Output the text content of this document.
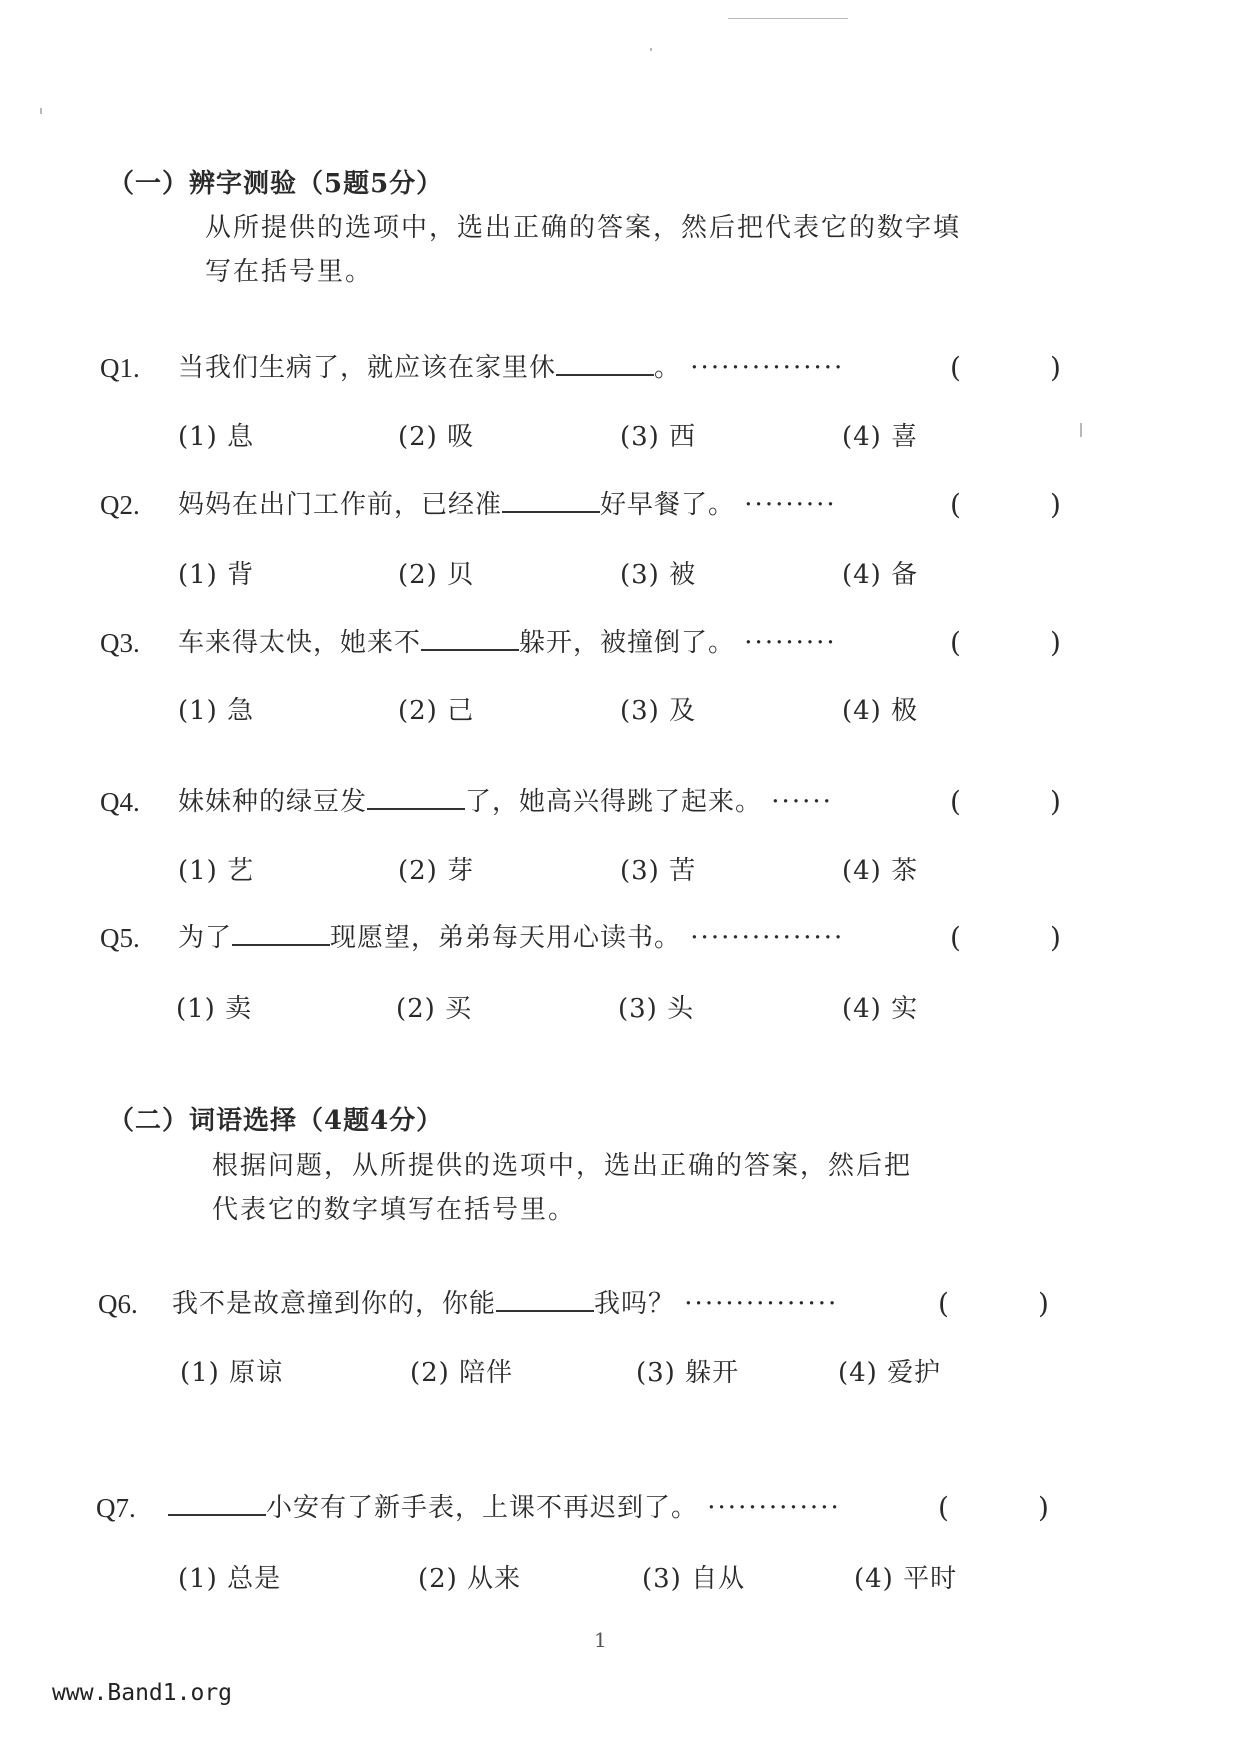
（一）辨字测验（5题5分）
从所提供的选项中，选出正确的答案，然后把代表它的数字填
写在括号里。
Q1. 当我们生病了，就应该在家里休	。 ···············	(	)
(1) 息	(2) 吸	(3) 西	(4) 喜
Q2. 妈妈在出门工作前，已经准	好早餐了。 ·········	(	)
(1) 背	(2) 贝	(3) 被	(4) 备
Q3. 车来得太快，她来不	躲开，被撞倒了。 ·········	(	)
(1) 急	(2) 己	(3) 及	(4) 极
Q4. 妹妹种的绿豆发	了，她高兴得跳了起来。 ······	(	)
(1) 艺	(2) 芽	(3) 苦	(4) 茶
Q5. 为了	现愿望，弟弟每天用心读书。 ···············	(	)
(1) 卖	(2) 买	(3) 头	(4) 实
（二）词语选择（4题4分）
根据问题，从所提供的选项中，选出正确的答案，然后把
代表它的数字填写在括号里。
Q6. 我不是故意撞到你的，你能	我吗？ ···············	(	)
(1) 原谅	(2) 陪伴	(3) 躲开	(4) 爱护
Q7.	小安有了新手表，上课不再迟到了。 ·············	(	)
(1) 总是	(2) 从来	(3) 自从	(4) 平时
1
www.Band1.org
